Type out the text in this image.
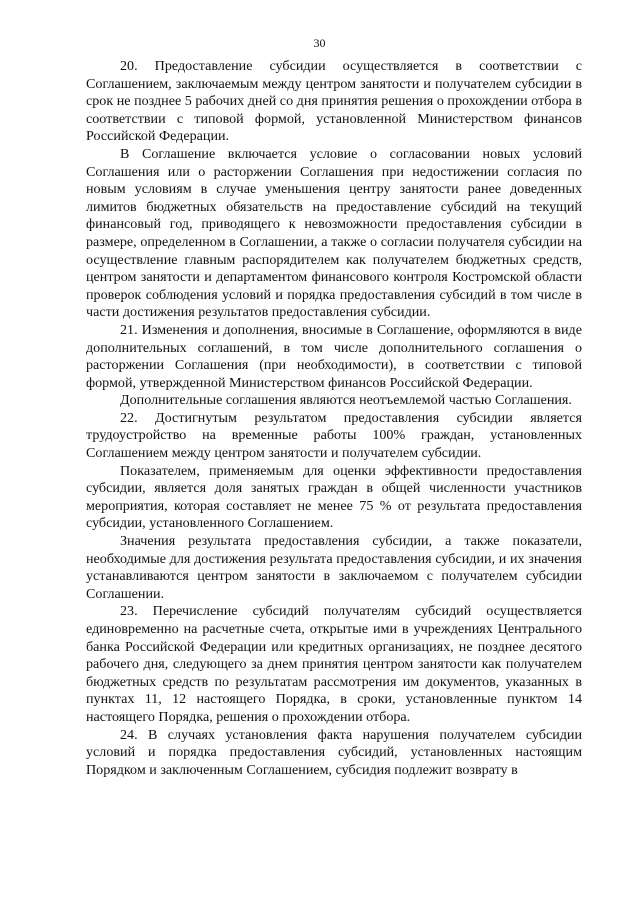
30

20. Предоставление субсидии осуществляется в соответствии с Соглашением, заключаемым между центром занятости и получателем субсидии в срок не позднее 5 рабочих дней со дня принятия решения о прохождении отбора в соответствии с типовой формой, установленной Министерством финансов Российской Федерации.

В Соглашение включается условие о согласовании новых условий Соглашения или о расторжении Соглашения при недостижении согласия по новым условиям в случае уменьшения центру занятости ранее доведенных лимитов бюджетных обязательств на предоставление субсидий на текущий финансовый год, приводящего к невозможности предоставления субсидии в размере, определенном в Соглашении, а также о согласии получателя субсидии на осуществление главным распорядителем как получателем бюджетных средств, центром занятости и департаментом финансового контроля Костромской области проверок соблюдения условий и порядка предоставления субсидий в том числе в части достижения результатов предоставления субсидии.

21. Изменения и дополнения, вносимые в Соглашение, оформляются в виде дополнительных соглашений, в том числе дополнительного соглашения о расторжении Соглашения (при необходимости), в соответствии с типовой формой, утвержденной Министерством финансов Российской Федерации.

Дополнительные соглашения являются неотъемлемой частью Соглашения.

22. Достигнутым результатом предоставления субсидии является трудоустройство на временные работы 100% граждан, установленных Соглашением между центром занятости и получателем субсидии.

Показателем, применяемым для оценки эффективности предоставления субсидии, является доля занятых граждан в общей численности участников мероприятия, которая составляет не менее 75 % от результата предоставления субсидии, установленного Соглашением.

Значения результата предоставления субсидии, а также показатели, необходимые для достижения результата предоставления субсидии, и их значения устанавливаются центром занятости в заключаемом с получателем субсидии Соглашении.

23. Перечисление субсидий получателям субсидий осуществляется единовременно на расчетные счета, открытые ими в учреждениях Центрального банка Российской Федерации или кредитных организациях, не позднее десятого рабочего дня, следующего за днем принятия центром занятости как получателем бюджетных средств по результатам рассмотрения им документов, указанных в пунктах 11, 12 настоящего Порядка, в сроки, установленные пунктом 14 настоящего Порядка, решения о прохождении отбора.

24. В случаях установления факта нарушения получателем субсидии условий и порядка предоставления субсидий, установленных настоящим Порядком и заключенным Соглашением, субсидия подлежит возврату в
